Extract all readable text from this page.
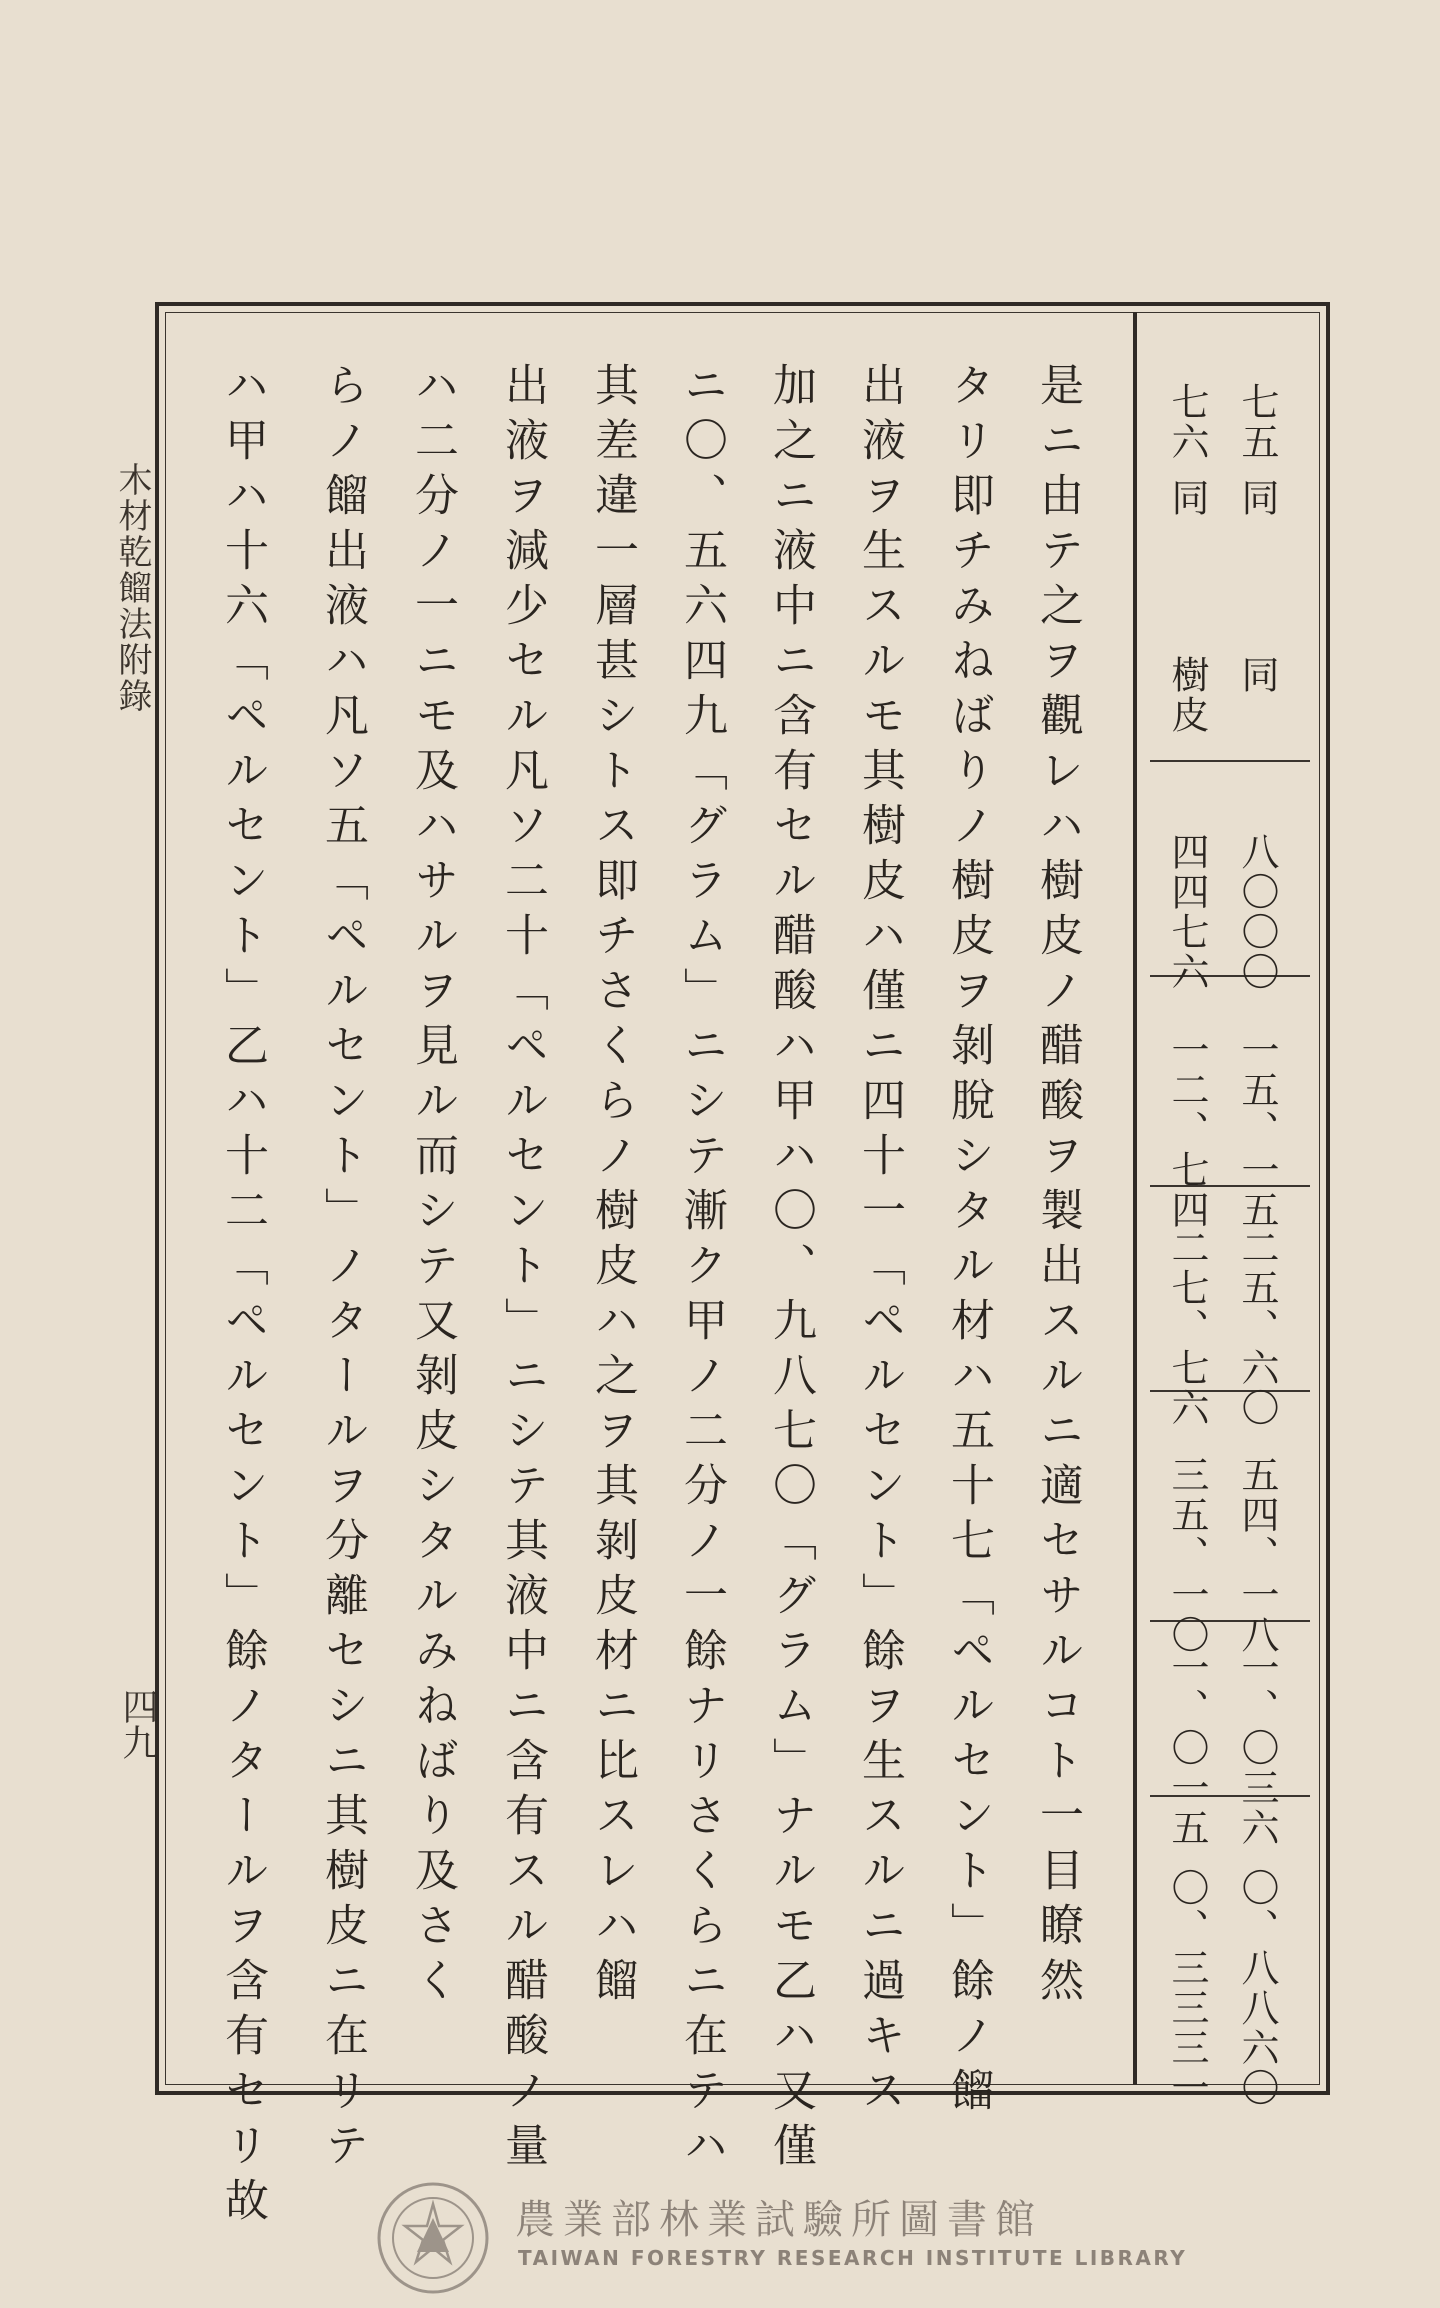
木材乾餾法附錄
四九
七五
同
同
八〇〇〇
一五、一五
二五、六〇
五四、一八
一、〇三六
〇、八八六〇
七六
同
樹皮
四四七六
一二、七四
二七、七六
三五、一〇
一、〇一五
〇、三三三一
是ニ由テ之ヲ觀レハ樹皮ノ醋酸ヲ製出スルニ適セサルコト一目瞭然
タリ即チみねばりノ樹皮ヲ剝脫シタル材ハ五十七「ペルセント」餘ノ餾
出液ヲ生スルモ其樹皮ハ僅ニ四十一「ペルセント」餘ヲ生スルニ過キス
加之ニ液中ニ含有セル醋酸ハ甲ハ〇、九八七〇「グラム」ナルモ乙ハ又僅
ニ〇、五六四九「グラム」ニシテ漸ク甲ノ二分ノ一餘ナリさくらニ在テハ
其差違一層甚シトス即チさくらノ樹皮ハ之ヲ其剝皮材ニ比スレハ餾
出液ヲ減少セル凡ソ二十「ペルセント」ニシテ其液中ニ含有スル醋酸ノ量
ハ二分ノ一ニモ及ハサルヲ見ル而シテ又剝皮シタルみねばり及さく
らノ餾出液ハ凡ソ五「ペルセント」ノタールヲ分離セシニ其樹皮ニ在リテ
ハ甲ハ十六「ペルセント」乙ハ十二「ペルセント」餘ノタールヲ含有セリ故	農業部林業試驗所圖書館
TAIWAN FORESTRY RESEARCH INSTITUTE LIBRARY
